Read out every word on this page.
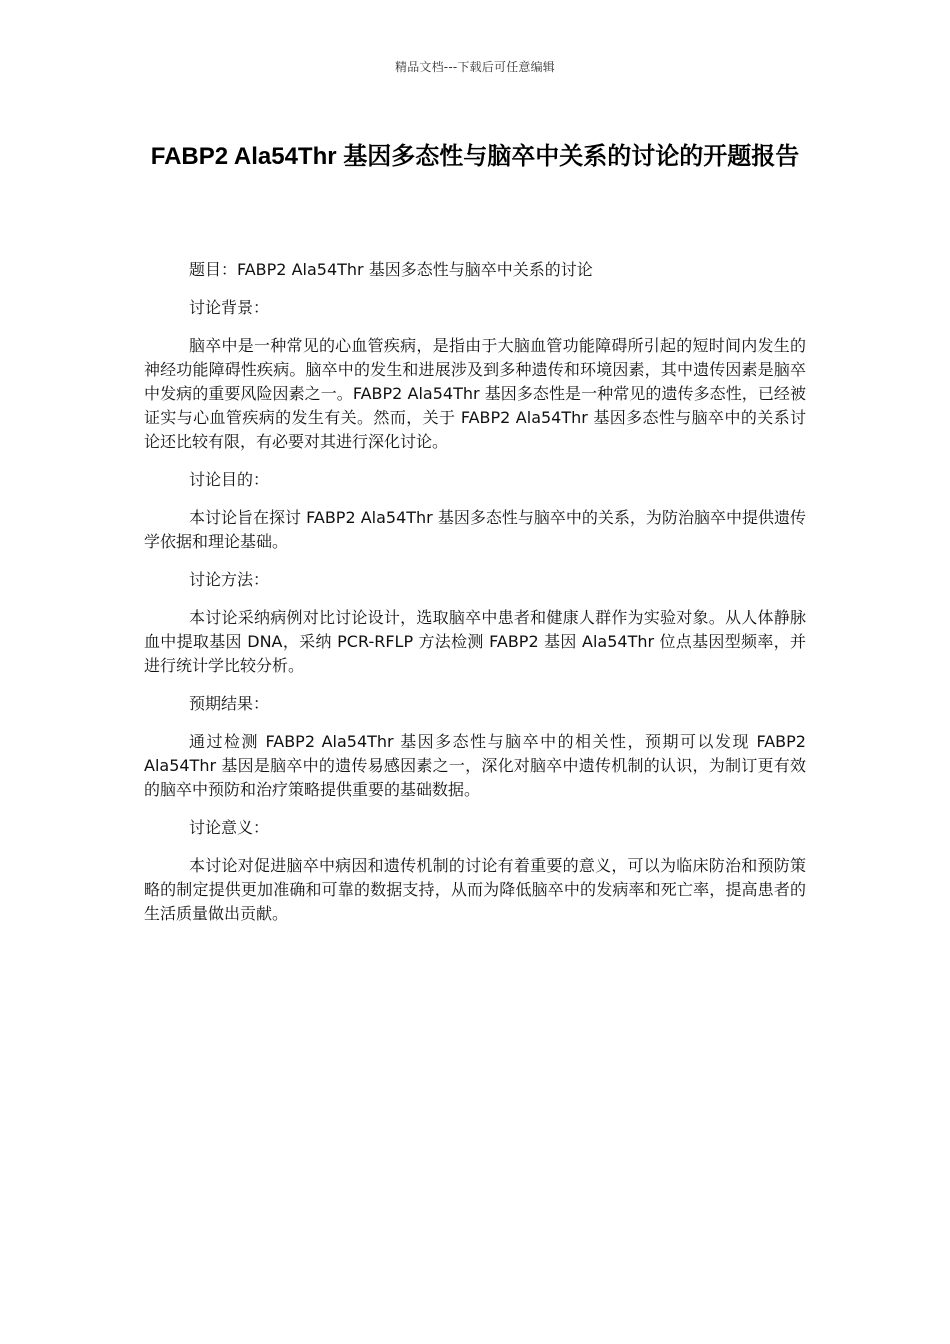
精品文档---下载后可任意编辑
FABP2 Ala54Thr 基因多态性与脑卒中关系的讨论的开题报告

题目：FABP2 Ala54Thr 基因多态性与脑卒中关系的讨论

讨论背景：

脑卒中是一种常见的心血管疾病，是指由于大脑血管功能障碍所引起的短时间内发生的神经功能障碍性疾病。脑卒中的发生和进展涉及到多种遗传和环境因素，其中遗传因素是脑卒中发病的重要风险因素之一。FABP2 Ala54Thr 基因多态性是一种常见的遗传多态性，已经被证实与心血管疾病的发生有关。然而，关于 FABP2 Ala54Thr 基因多态性与脑卒中的关系讨论还比较有限，有必要对其进行深化讨论。

讨论目的：

本讨论旨在探讨 FABP2 Ala54Thr 基因多态性与脑卒中的关系，为防治脑卒中提供遗传学依据和理论基础。

讨论方法：

本讨论采纳病例对比讨论设计，选取脑卒中患者和健康人群作为实验对象。从人体静脉血中提取基因 DNA，采纳 PCR-RFLP 方法检测 FABP2 基因 Ala54Thr 位点基因型频率，并进行统计学比较分析。

预期结果：

通过检测 FABP2 Ala54Thr 基因多态性与脑卒中的相关性，预期可以发现 FABP2 Ala54Thr 基因是脑卒中的遗传易感因素之一，深化对脑卒中遗传机制的认识，为制订更有效的脑卒中预防和治疗策略提供重要的基础数据。

讨论意义：

本讨论对促进脑卒中病因和遗传机制的讨论有着重要的意义，可以为临床防治和预防策略的制定提供更加准确和可靠的数据支持，从而为降低脑卒中的发病率和死亡率，提高患者的生活质量做出贡献。
